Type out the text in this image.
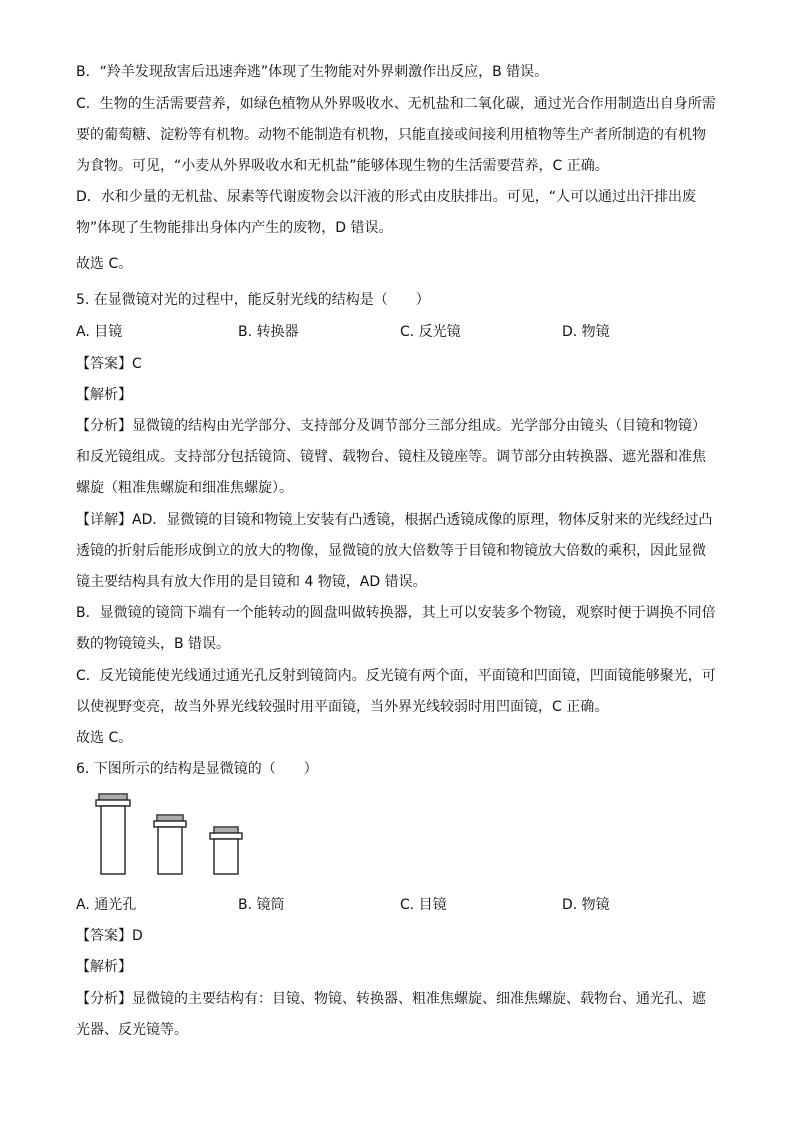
B．“羚羊发现敌害后迅速奔逃”体现了生物能对外界刺激作出反应，B 错误。
C．生物的生活需要营养，如绿色植物从外界吸收水、无机盐和二氧化碳，通过光合作用制造出自身所需
要的葡萄糖、淀粉等有机物。动物不能制造有机物，只能直接或间接利用植物等生产者所制造的有机物
为食物。可见，“小麦从外界吸收水和无机盐”能够体现生物的生活需要营养，C 正确。
D．水和少量的无机盐、尿素等代谢废物会以汗液的形式由皮肤排出。可见，“人可以通过出汗排出废
物”体现了生物能排出身体内产生的废物，D 错误。
故选 C。
5. 在显微镜对光的过程中，能反射光线的结构是（　　）
A. 目镜	B. 转换器	C. 反光镜	D. 物镜
【答案】C
【解析】
【分析】显微镜的结构由光学部分、支持部分及调节部分三部分组成。光学部分由镜头（目镜和物镜）
和反光镜组成。支持部分包括镜筒、镜臂、载物台、镜柱及镜座等。调节部分由转换器、遮光器和准焦
螺旋（粗准焦螺旋和细准焦螺旋）。
【详解】AD．显微镜的目镜和物镜上安装有凸透镜，根据凸透镜成像的原理，物体反射来的光线经过凸
透镜的折射后能形成倒立的放大的物像，显微镜的放大倍数等于目镜和物镜放大倍数的乘积，因此显微
镜主要结构具有放大作用的是目镜和 4 物镜，AD 错误。
B．显微镜的镜筒下端有一个能转动的圆盘叫做转换器，其上可以安装多个物镜，观察时便于调换不同倍
数的物镜镜头，B 错误。
C．反光镜能使光线通过通光孔反射到镜筒内。反光镜有两个面，平面镜和凹面镜，凹面镜能够聚光，可
以使视野变亮，故当外界光线较强时用平面镜，当外界光线较弱时用凹面镜，C 正确。
故选 C。
6. 下图所示的结构是显微镜的（　　）
A. 通光孔	B. 镜筒	C. 目镜	D. 物镜
【答案】D
【解析】
【分析】显微镜的主要结构有：目镜、物镜、转换器、粗准焦螺旋、细准焦螺旋、载物台、通光孔、遮
光器、反光镜等。
